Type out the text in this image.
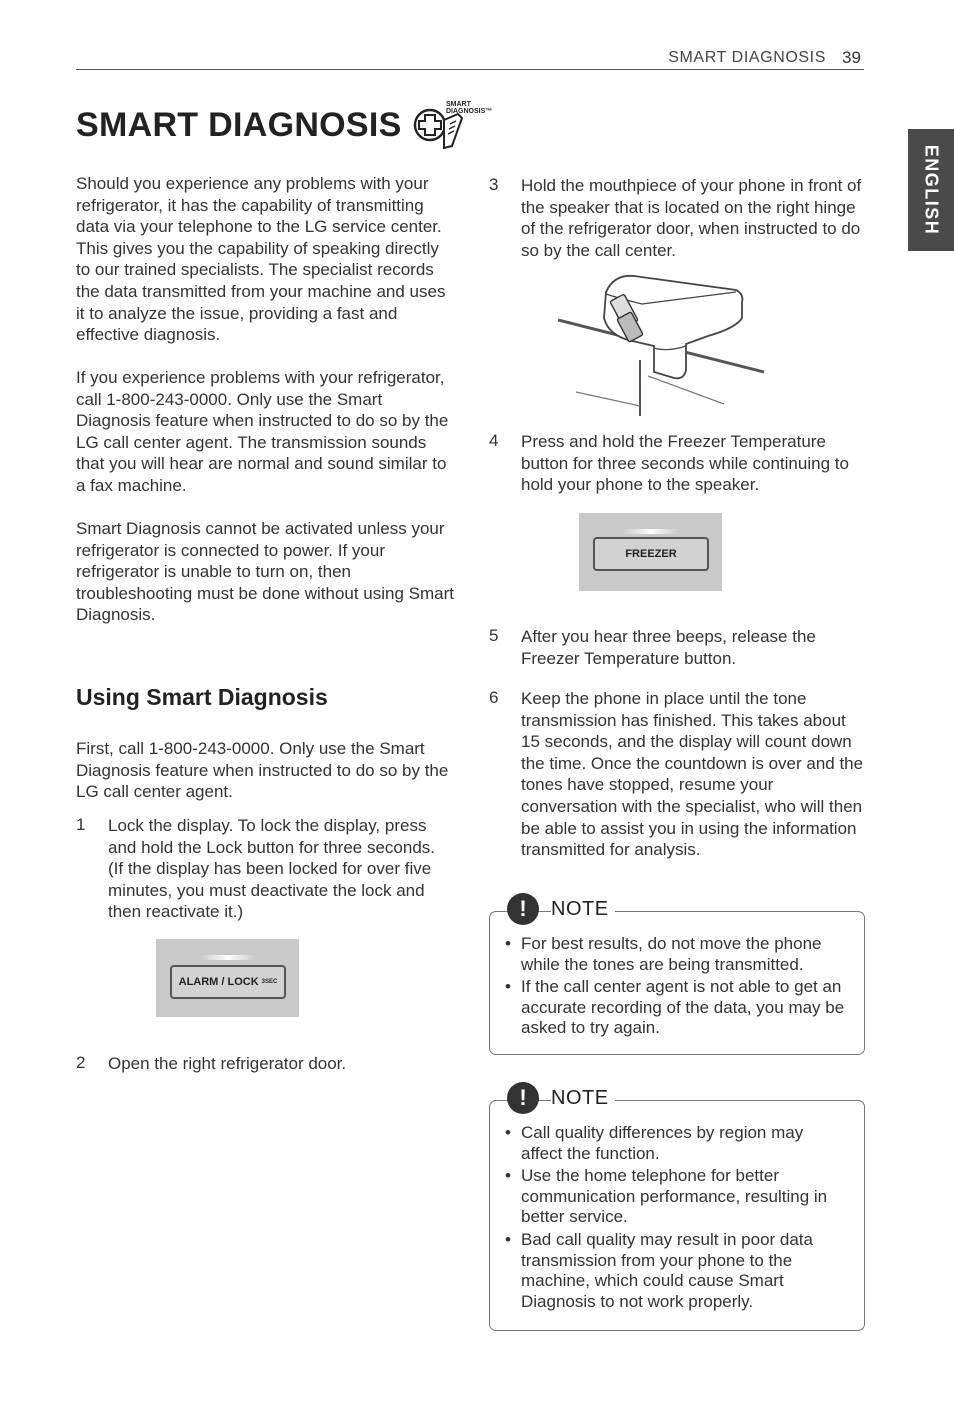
SMART DIAGNOSIS 39
ENGLISH
SMART DIAGNOSIS
SMART
DIAGNOSIS™
Should you experience any problems with your refrigerator, it has the capability of transmitting data via your telephone to the LG service center. This gives you the capability of speaking directly to our trained specialists. The specialist records the data transmitted from your machine and uses it to analyze the issue, providing a fast and effective diagnosis.
If you experience problems with your refrigerator, call 1-800-243-0000. Only use the Smart Diagnosis feature when instructed to do so by the LG call center agent. The transmission sounds that you will hear are normal and sound similar to a fax machine.
Smart Diagnosis cannot be activated unless your refrigerator is connected to power. If your refrigerator is unable to turn on, then troubleshooting must be done without using Smart Diagnosis.
Using Smart Diagnosis
First, call 1-800-243-0000. Only use the Smart Diagnosis feature when instructed to do so by the LG call center agent.
1 Lock the display. To lock the display, press and hold the Lock button for three seconds. (If the display has been locked for over five minutes, you must deactivate the lock and then reactivate it.)
ALARM / LOCK 3SEC
2 Open the right refrigerator door.
3 Hold the mouthpiece of your phone in front of the speaker that is located on the right hinge of the refrigerator door, when instructed to do so by the call center.
4 Press and hold the Freezer Temperature button for three seconds while continuing to hold your phone to the speaker.
FREEZER
5 After you hear three beeps, release the Freezer Temperature button.
6 Keep the phone in place until the tone transmission has finished. This takes about 15 seconds, and the display will count down the time. Once the countdown is over and the tones have stopped, resume your conversation with the specialist, who will then be able to assist you in using the information transmitted for analysis.
!	NOTE
• For best results, do not move the phone while the tones are being transmitted.
• If the call center agent is not able to get an accurate recording of the data, you may be asked to try again.
!	NOTE
• Call quality differences by region may affect the function.
• Use the home telephone for better communication performance, resulting in better service.
• Bad call quality may result in poor data transmission from your phone to the machine, which could cause Smart Diagnosis to not work properly.
